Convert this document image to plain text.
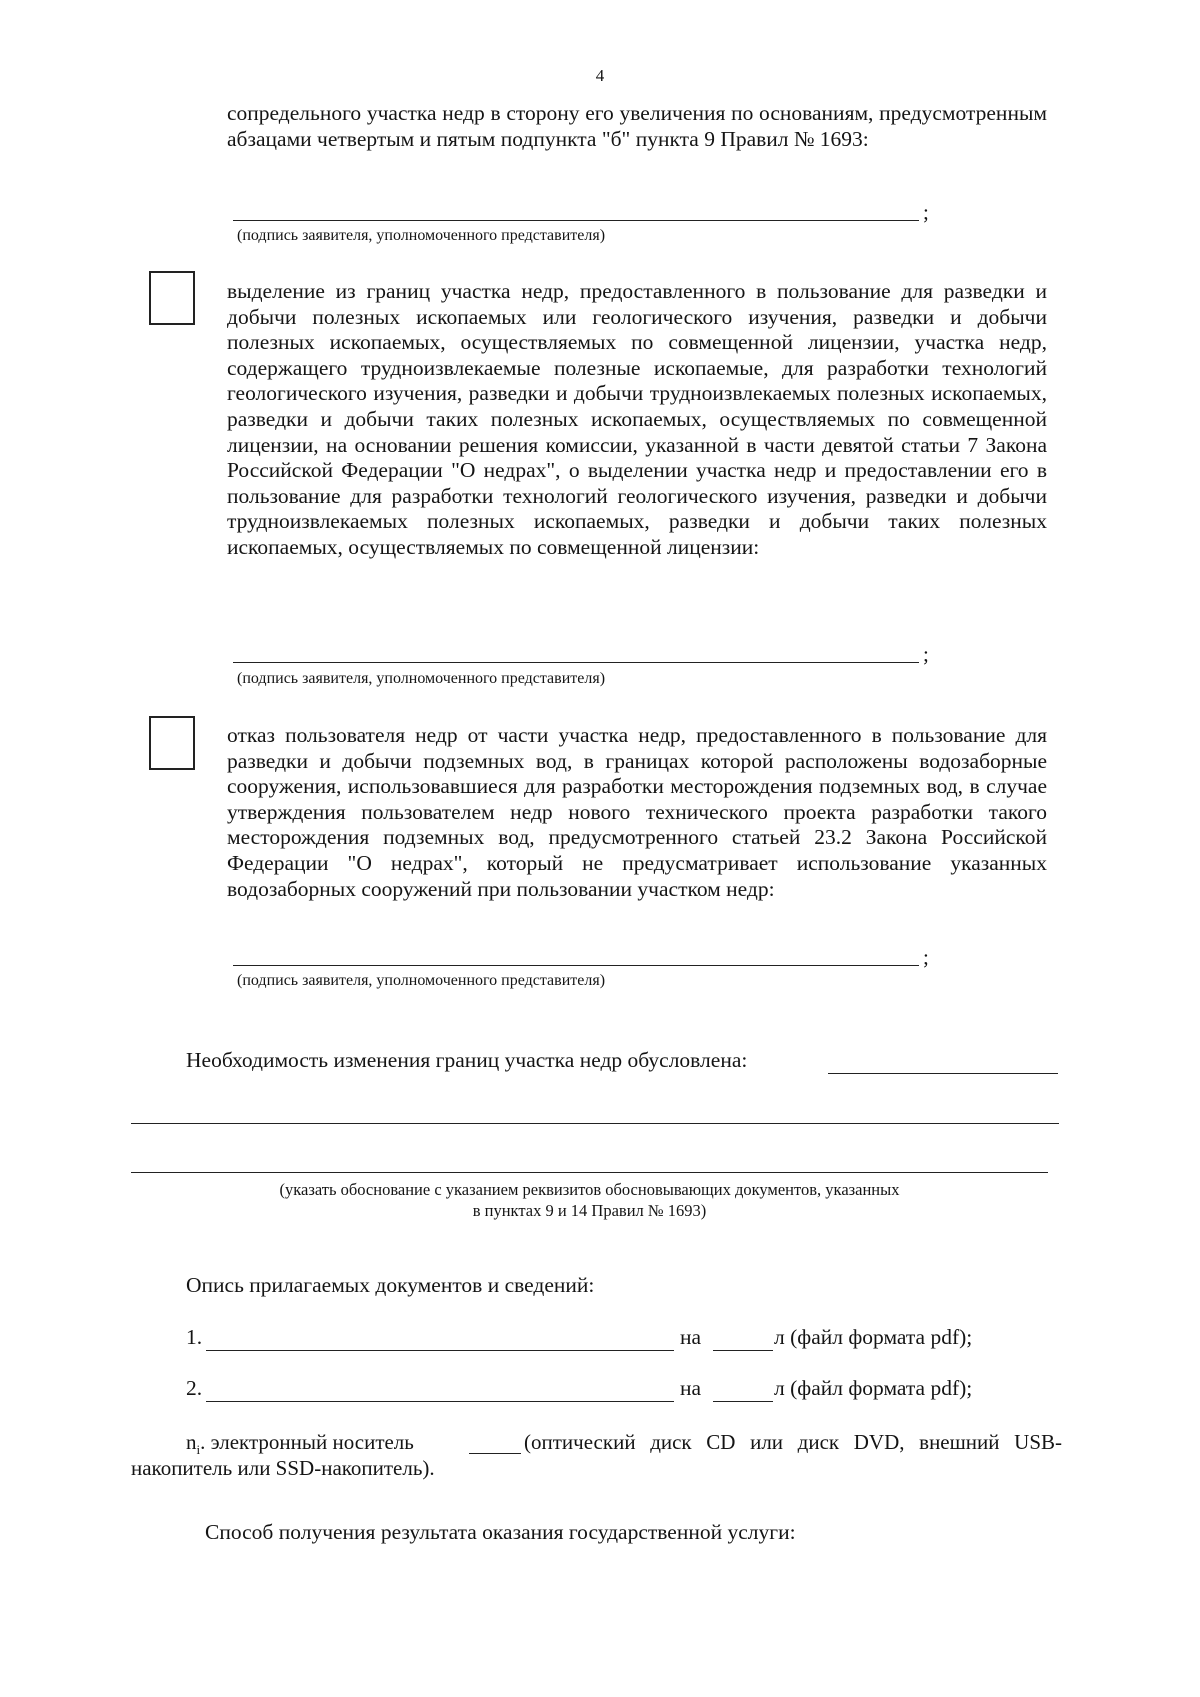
4
сопредельного участка недр в сторону его увеличения по основаниям, предусмотренным абзацами четвертым и пятым подпункта "б" пункта 9 Правил № 1693:
;
(подпись заявителя, уполномоченного представителя)
выделение из границ участка недр, предоставленного в пользование для разведки и добычи полезных ископаемых или геологического изучения, разведки и добычи полезных ископаемых, осуществляемых по совмещенной лицензии, участка недр, содержащего трудноизвлекаемые полезные ископаемые, для разработки технологий геологического изучения, разведки и добычи трудноизвлекаемых полезных ископаемых, разведки и добычи таких полезных ископаемых, осуществляемых по совмещенной лицензии, на основании решения комиссии, указанной в части девятой статьи 7 Закона Российской Федерации "О недрах", о выделении участка недр и предоставлении его в пользование для разработки технологий геологического изучения, разведки и добычи трудноизвлекаемых полезных ископаемых, разведки и добычи таких полезных ископаемых, осуществляемых по совмещенной лицензии:
;
(подпись заявителя, уполномоченного представителя)
отказ пользователя недр от части участка недр, предоставленного в пользование для разведки и добычи подземных вод, в границах которой расположены водозаборные сооружения, использовавшиеся для разработки месторождения подземных вод, в случае утверждения пользователем недр нового технического проекта разработки такого месторождения подземных вод, предусмотренного статьей 23.2 Закона Российской Федерации "О недрах", который не предусматривает использование указанных водозаборных сооружений при пользовании участком недр:
;
(подпись заявителя, уполномоченного представителя)
Необходимость изменения границ участка недр обусловлена:
(указать обоснование с указанием реквизитов обосновывающих документов, указанных
в пунктах 9 и 14 Правил № 1693)
Опись прилагаемых документов и сведений:
1.	на	л (файл формата pdf);
2.	на	л (файл формата pdf);
$n_i$. электронный носитель	(оптический диск CD или диск DVD, внешний USB-
накопитель или SSD-накопитель).
Способ получения результата оказания государственной услуги:
